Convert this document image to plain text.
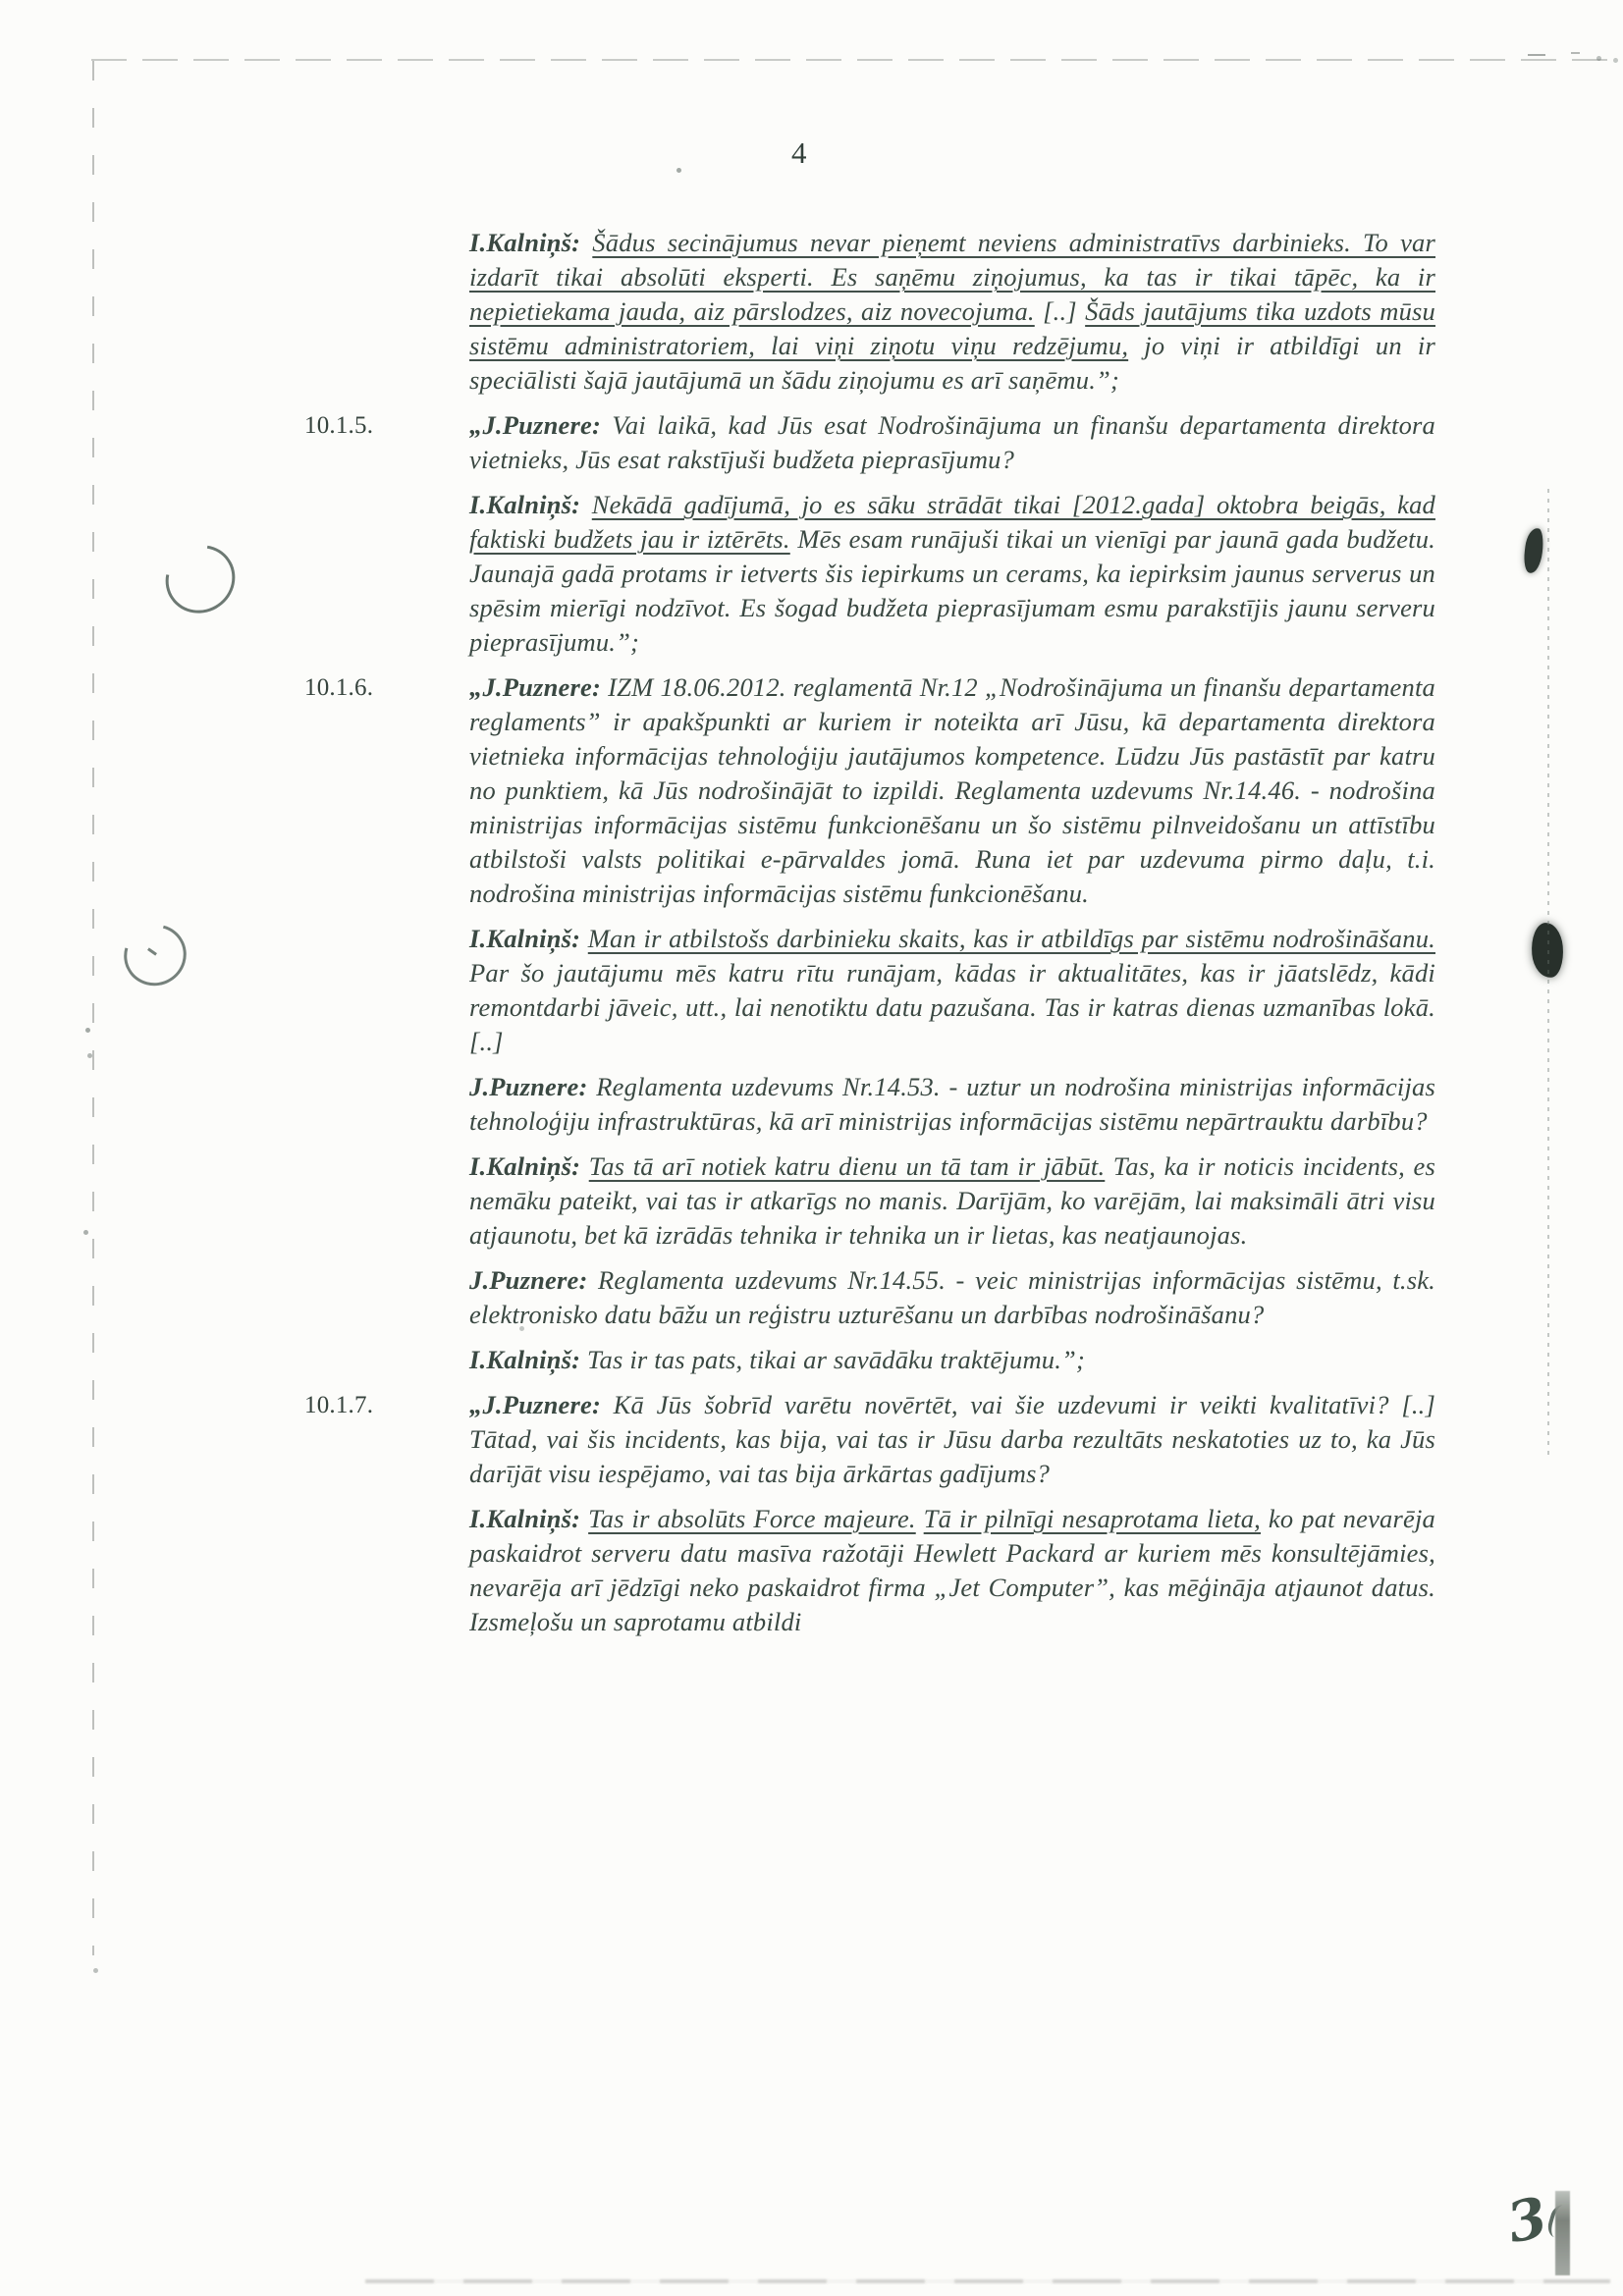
4

I.Kalniņš: Šādus secinājumus nevar pieņemt neviens administratīvs darbinieks. To var izdarīt tikai absolūti eksperti. Es saņēmu ziņojumus, ka tas ir tikai tāpēc, ka ir nepietiekama jauda, aiz pārslodzes, aiz novecojuma. [..] Šāds jautājums tika uzdots mūsu sistēmu administratoriem, lai viņi ziņotu viņu redzējumu, jo viņi ir atbildīgi un ir speciālisti šajā jautājumā un šādu ziņojumu es arī saņēmu.”;

10.1.5.	„J.Puznere: Vai laikā, kad Jūs esat Nodrošinājuma un finanšu departamenta direktora vietnieks, Jūs esat rakstījuši budžeta pieprasījumu?

I.Kalniņš: Nekādā gadījumā, jo es sāku strādāt tikai [2012.gada] oktobra beigās, kad faktiski budžets jau ir iztērēts. Mēs esam runājuši tikai un vienīgi par jaunā gada budžetu. Jaunajā gadā protams ir ietverts šis iepirkums un cerams, ka iepirksim jaunus serverus un spēsim mierīgi nodzīvot. Es šogad budžeta pieprasījumam esmu parakstījis jaunu serveru pieprasījumu.”;

10.1.6.	„J.Puznere: IZM 18.06.2012. reglamentā Nr.12 „Nodrošinājuma un finanšu departamenta reglaments” ir apakšpunkti ar kuriem ir noteikta arī Jūsu, kā departamenta direktora vietnieka informācijas tehnoloģiju jautājumos kompetence. Lūdzu Jūs pastāstīt par katru no punktiem, kā Jūs nodrošinājāt to izpildi. Reglamenta uzdevums Nr.14.46. - nodrošina ministrijas informācijas sistēmu funkcionēšanu un šo sistēmu pilnveidošanu un attīstību atbilstoši valsts politikai e-pārvaldes jomā. Runa iet par uzdevuma pirmo daļu, t.i. nodrošina ministrijas informācijas sistēmu funkcionēšanu.

I.Kalniņš: Man ir atbilstošs darbinieku skaits, kas ir atbildīgs par sistēmu nodrošināšanu. Par šo jautājumu mēs katru rītu runājam, kādas ir aktualitātes, kas ir jāatslēdz, kādi remontdarbi jāveic, utt., lai nenotiktu datu pazušana. Tas ir katras dienas uzmanības lokā. [..]

J.Puznere: Reglamenta uzdevums Nr.14.53. - uztur un nodrošina ministrijas informācijas tehnoloģiju infrastruktūras, kā arī ministrijas informācijas sistēmu nepārtrauktu darbību?

I.Kalniņš: Tas tā arī notiek katru dienu un tā tam ir jābūt. Tas, ka ir noticis incidents, es nemāku pateikt, vai tas ir atkarīgs no manis. Darījām, ko varējām, lai maksimāli ātri visu atjaunotu, bet kā izrādās tehnika ir tehnika un ir lietas, kas neatjaunojas.

J.Puznere: Reglamenta uzdevums Nr.14.55. - veic ministrijas informācijas sistēmu, t.sk. elektronisko datu bāžu un reģistru uzturēšanu un darbības nodrošināšanu?

I.Kalniņš: Tas ir tas pats, tikai ar savādāku traktējumu.”;

10.1.7.	„J.Puznere: Kā Jūs šobrīd varētu novērtēt, vai šie uzdevumi ir veikti kvalitatīvi? [..] Tātad, vai šis incidents, kas bija, vai tas ir Jūsu darba rezultāts neskatoties uz to, ka Jūs darījāt visu iespējamo, vai tas bija ārkārtas gadījums?

I.Kalniņš: Tas ir absolūts Force majeure. Tā ir pilnīgi nesaprotama lieta, ko pat nevarēja paskaidrot serveru datu masīva ražotāji Hewlett Packard ar kuriem mēs konsultējāmies, nevarēja arī jēdzīgi neko paskaidrot firma „Jet Computer”, kas mēģināja atjaunot datus. Izsmeļošu un saprotamu atbildi

3
